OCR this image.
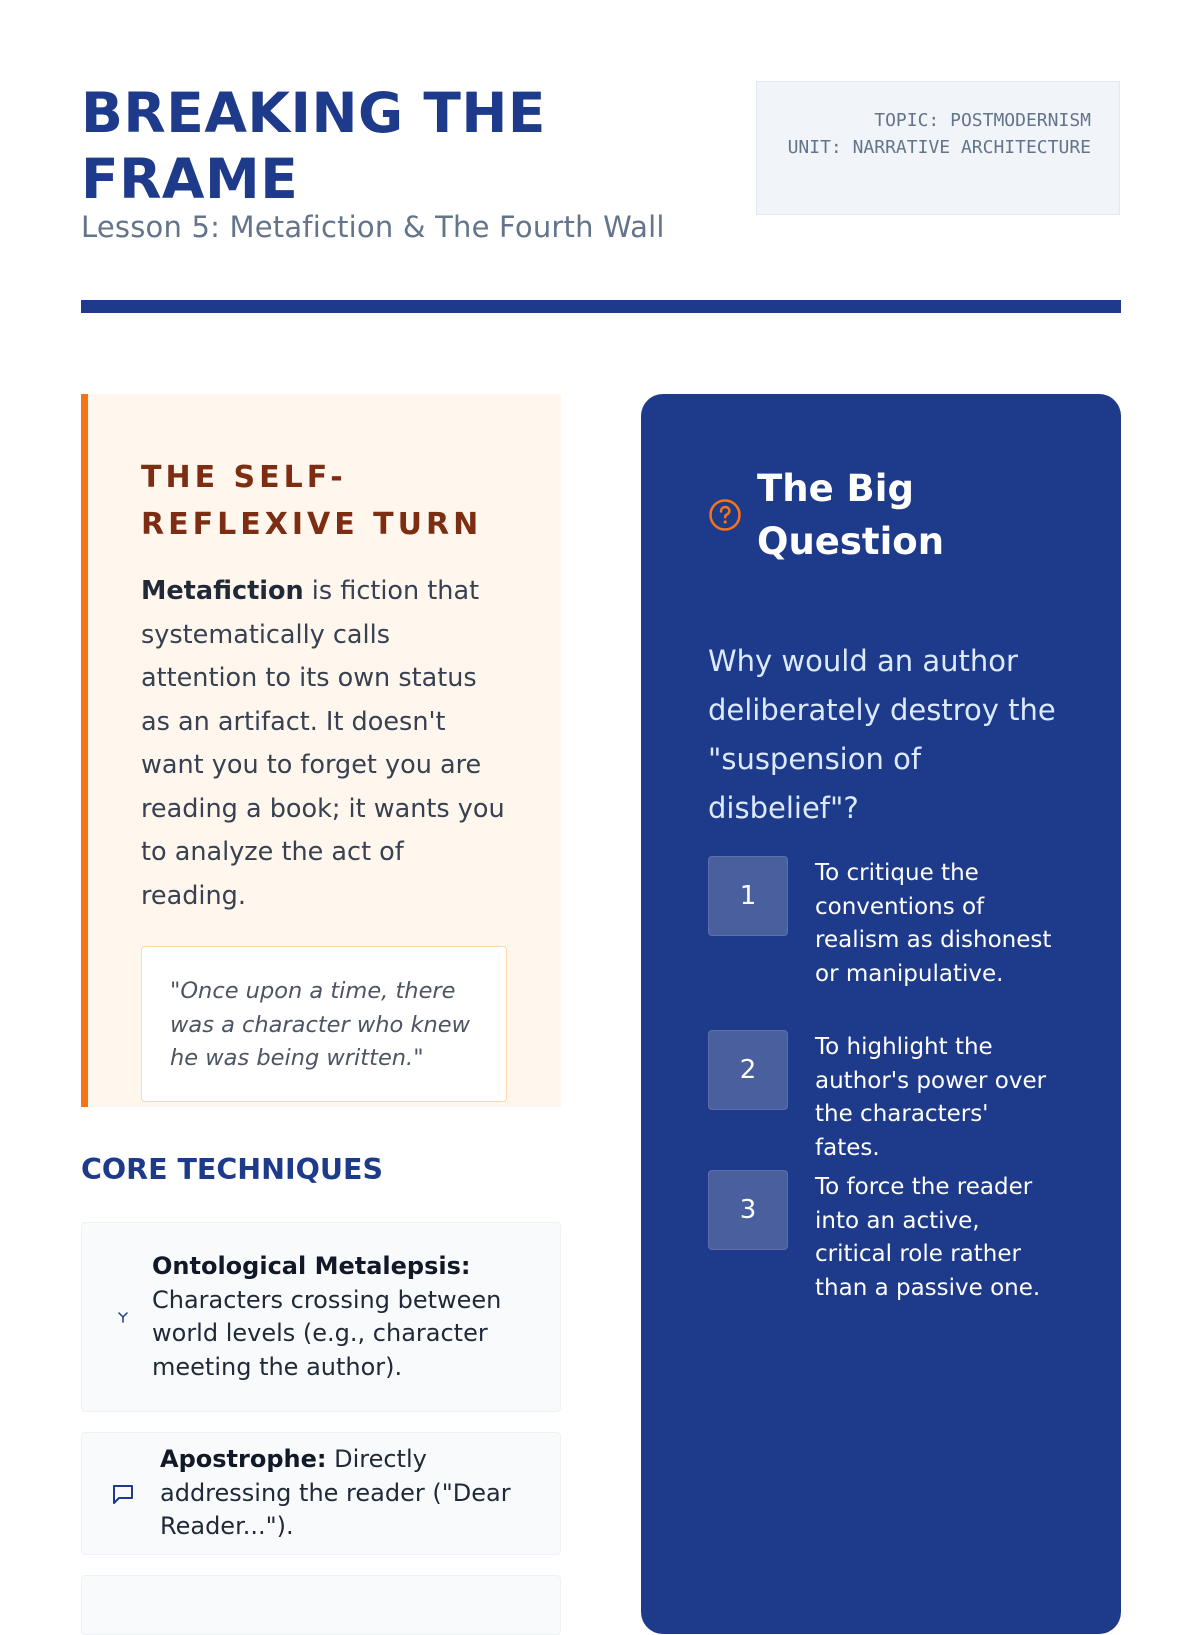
BREAKING THE FRAME
Lesson 5: Metafiction & The Fourth Wall
TOPIC: POSTMODERNISM
UNIT: NARRATIVE ARCHITECTURE
THE SELF-REFLEXIVE TURN

Metafiction is fiction that systematically calls attention to its own status as an artifact. It doesn't want you to forget you are reading a book; it wants you to analyze the act of reading.

"Once upon a time, there was a character who knew he was being written."
CORE TECHNIQUES
Ontological Metalepsis: Characters crossing between world levels (e.g., character meeting the author).
Apostrophe: Directly addressing the reader ("Dear Reader...").
The Big Question

Why would an author deliberately destroy the "suspension of disbelief"?

1
To critique the conventions of realism as dishonest or manipulative.
2
To highlight the author's power over the characters' fates.
3
To force the reader into an active, critical role rather than a passive one.
